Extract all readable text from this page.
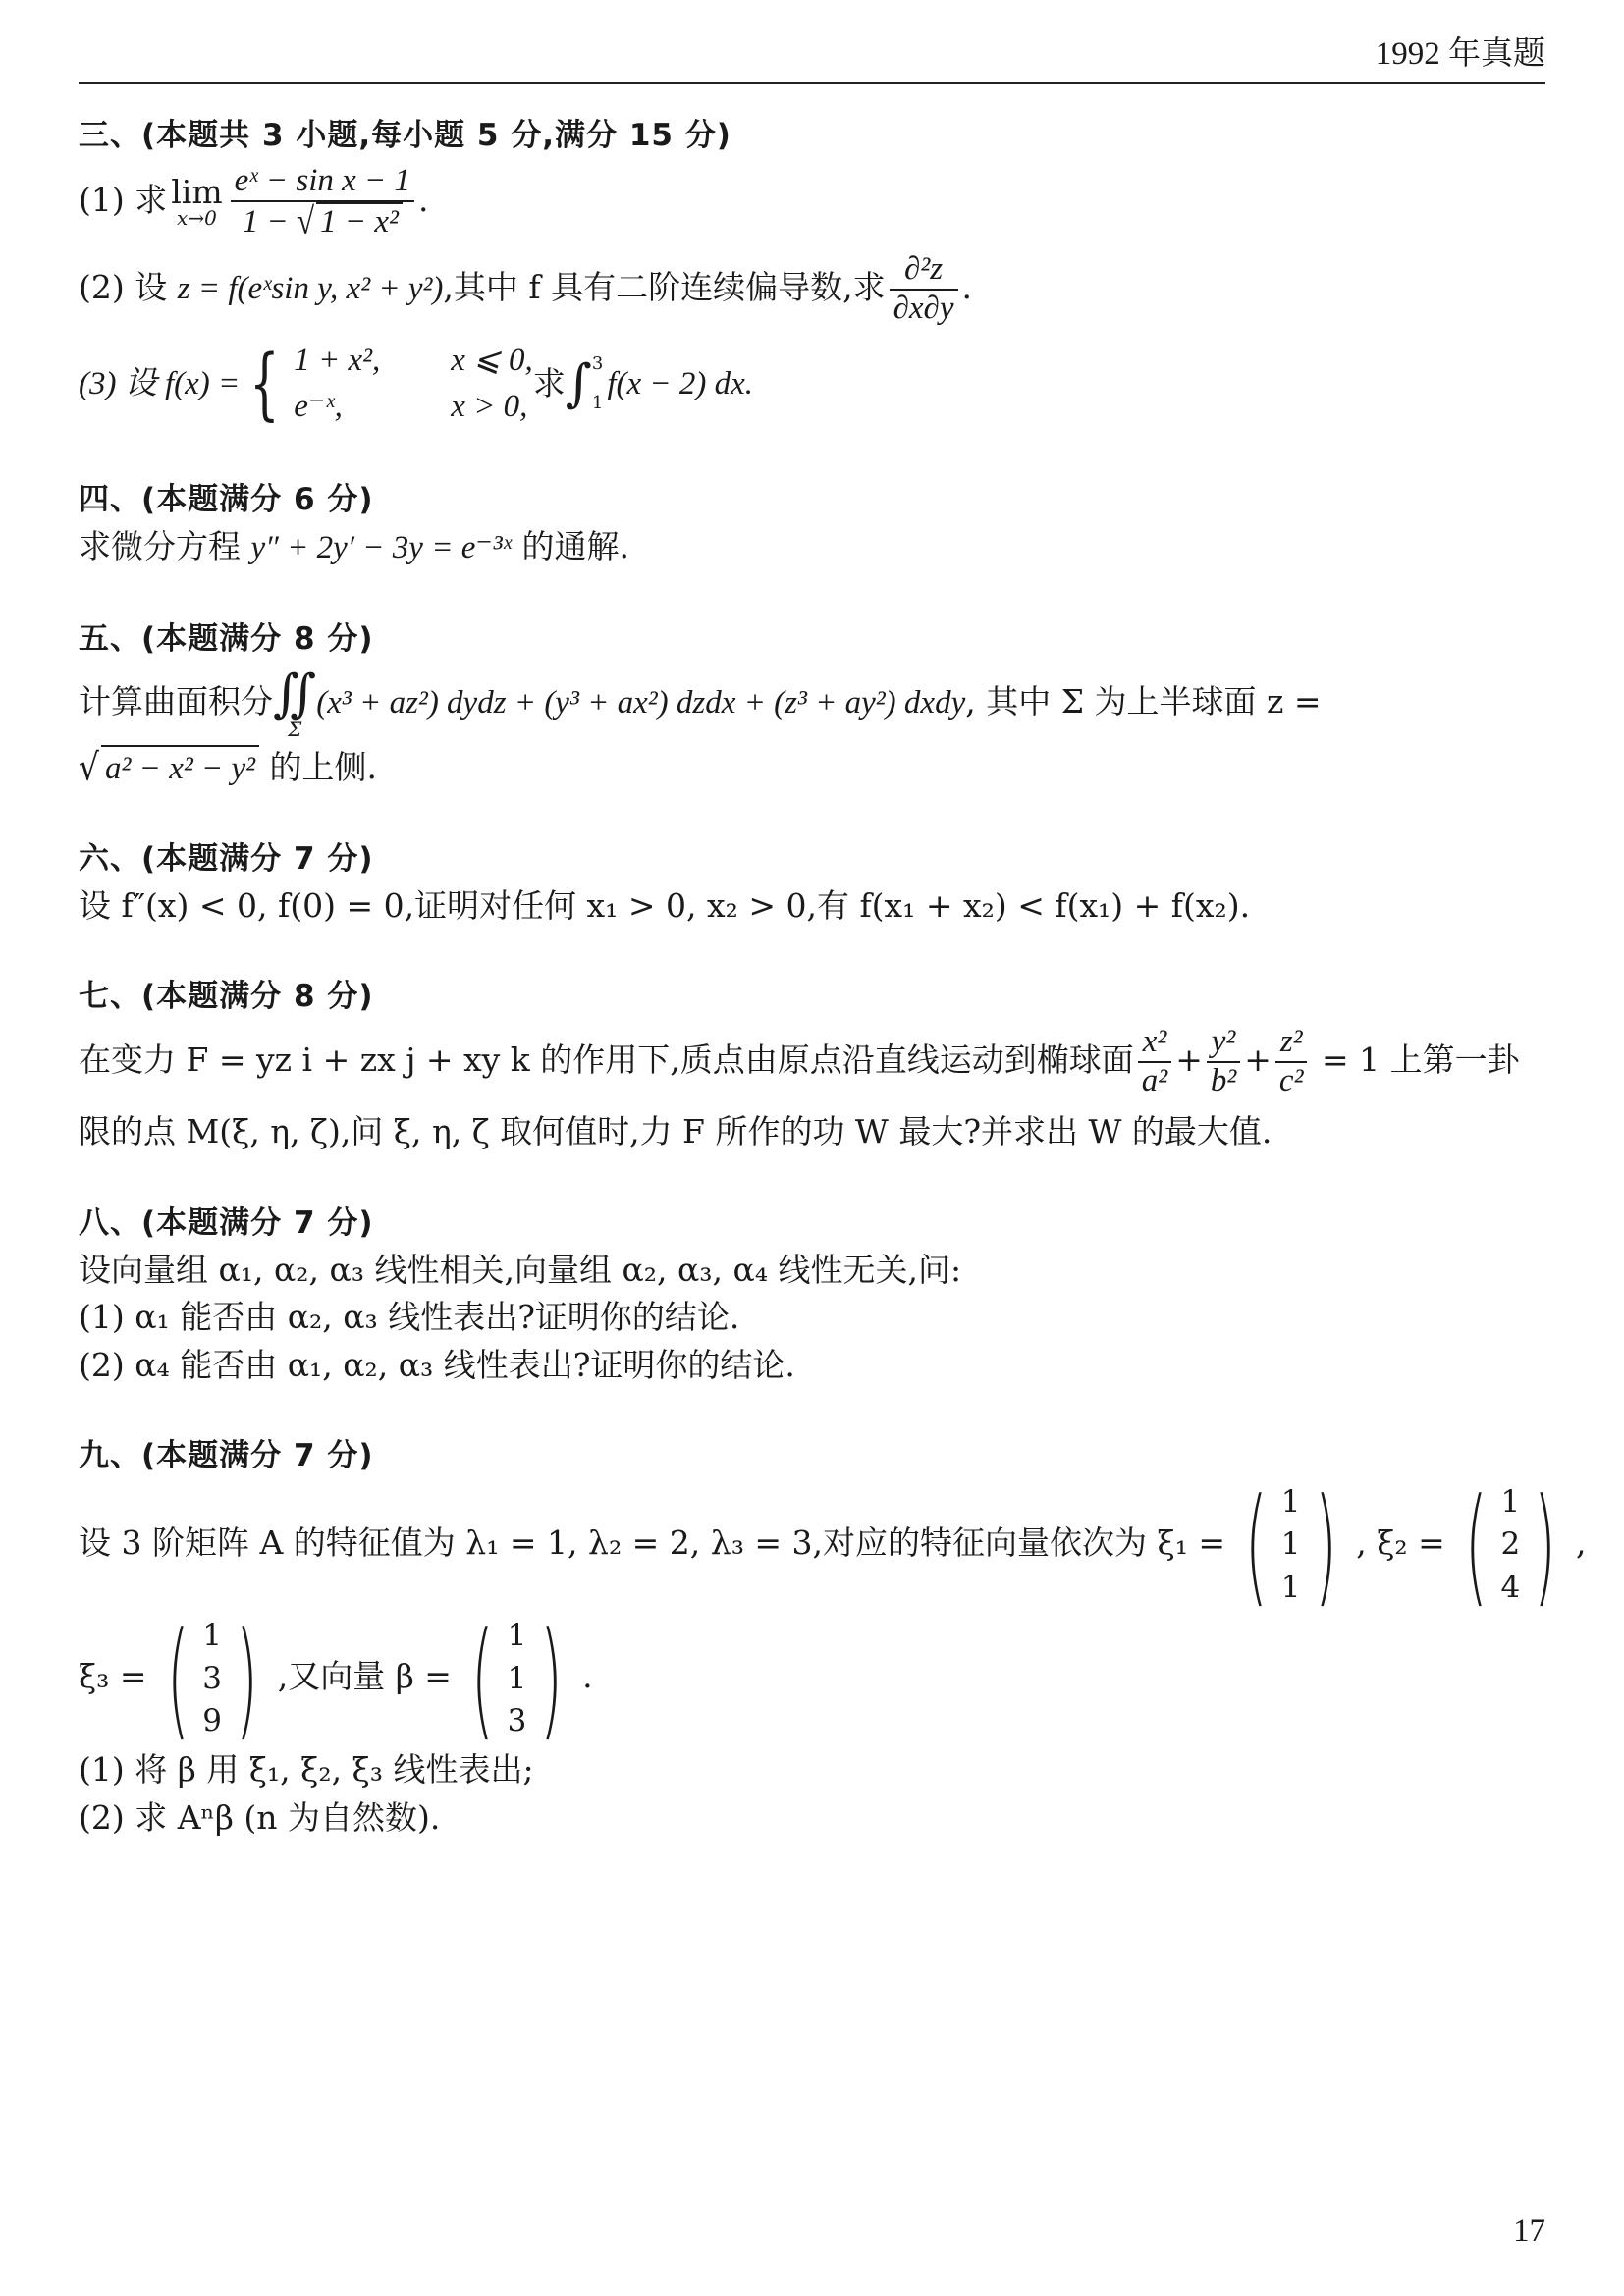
1992 年真题

三、(本题共 3 小题,每小题 5 分,满分 15 分)

(1) 求 lim
$x\to 0 \frac{\text{eˣ − sin x − 1}}{\text{1 − √ 1 − x²}}$ .

(2) 设 z = f(eˣsin y, x² + y²),其中 f 具有二阶连续偏导数,求 $\frac{\text{∂²z}}{\partial x\partial y}$ .

(3) 设 f(x) = { 1 + x²,	x ⩽ 0,
e⁻ˣ,	x > 0,
求 ∫ 3
1
f(x − 2) dx.

四、(本题满分 6 分)

求微分方程 y″ + 2y′ − 3y = e⁻³ˣ 的通解.

五、(本题满分 8 分)

计算曲面积分 ∬
Σ
(x³ + az²) dydz + (y³ + ax²) dzdx + (z³ + ay²) dxdy, 其中 Σ 为上半球面 z =

√ a² − x² − y² 的上侧.

六、(本题满分 7 分)

设 f″(x) < 0, f(0) = 0,证明对任何 x₁ > 0, x₂ > 0,有 f(x₁ + x₂) < f(x₁) + f(x₂).

七、(本题满分 8 分)

在变力 F = yz i + zx j + xy k 的作用下,质点由原点沿直线运动到椭球面 $\frac{\text{x²}}{\text{a²}} + \frac{\text{y²}}{\text{b²}} + \frac{\text{z²}}{\text{c²}} = 1$ 上第一卦

限的点 M(ξ, η, ζ),问 ξ, η, ζ 取何值时,力 F 所作的功 W 最大?并求出 W 的最大值.

八、(本题满分 7 分)

设向量组 α₁, α₂, α₃ 线性相关,向量组 α₂, α₃, α₄ 线性无关,问:

(1) α₁ 能否由 α₂, α₃ 线性表出?证明你的结论.

(2) α₄ 能否由 α₁, α₂, α₃ 线性表出?证明你的结论.

九、(本题满分 7 分)

设 3 阶矩阵 A 的特征值为 λ₁ = 1, λ₂ = 2, λ₃ = 3,对应的特征向量依次为 ξ₁ = ( 1
1
1 ) , ξ₂ = ( 1
2
4 ) ,

ξ₃ = ( 1
3
9 ) ,又向量 β = ( 1
1
3 ) .

(1) 将 β 用 ξ₁, ξ₂, ξ₃ 线性表出;

(2) 求 Aⁿβ (n 为自然数).

17
